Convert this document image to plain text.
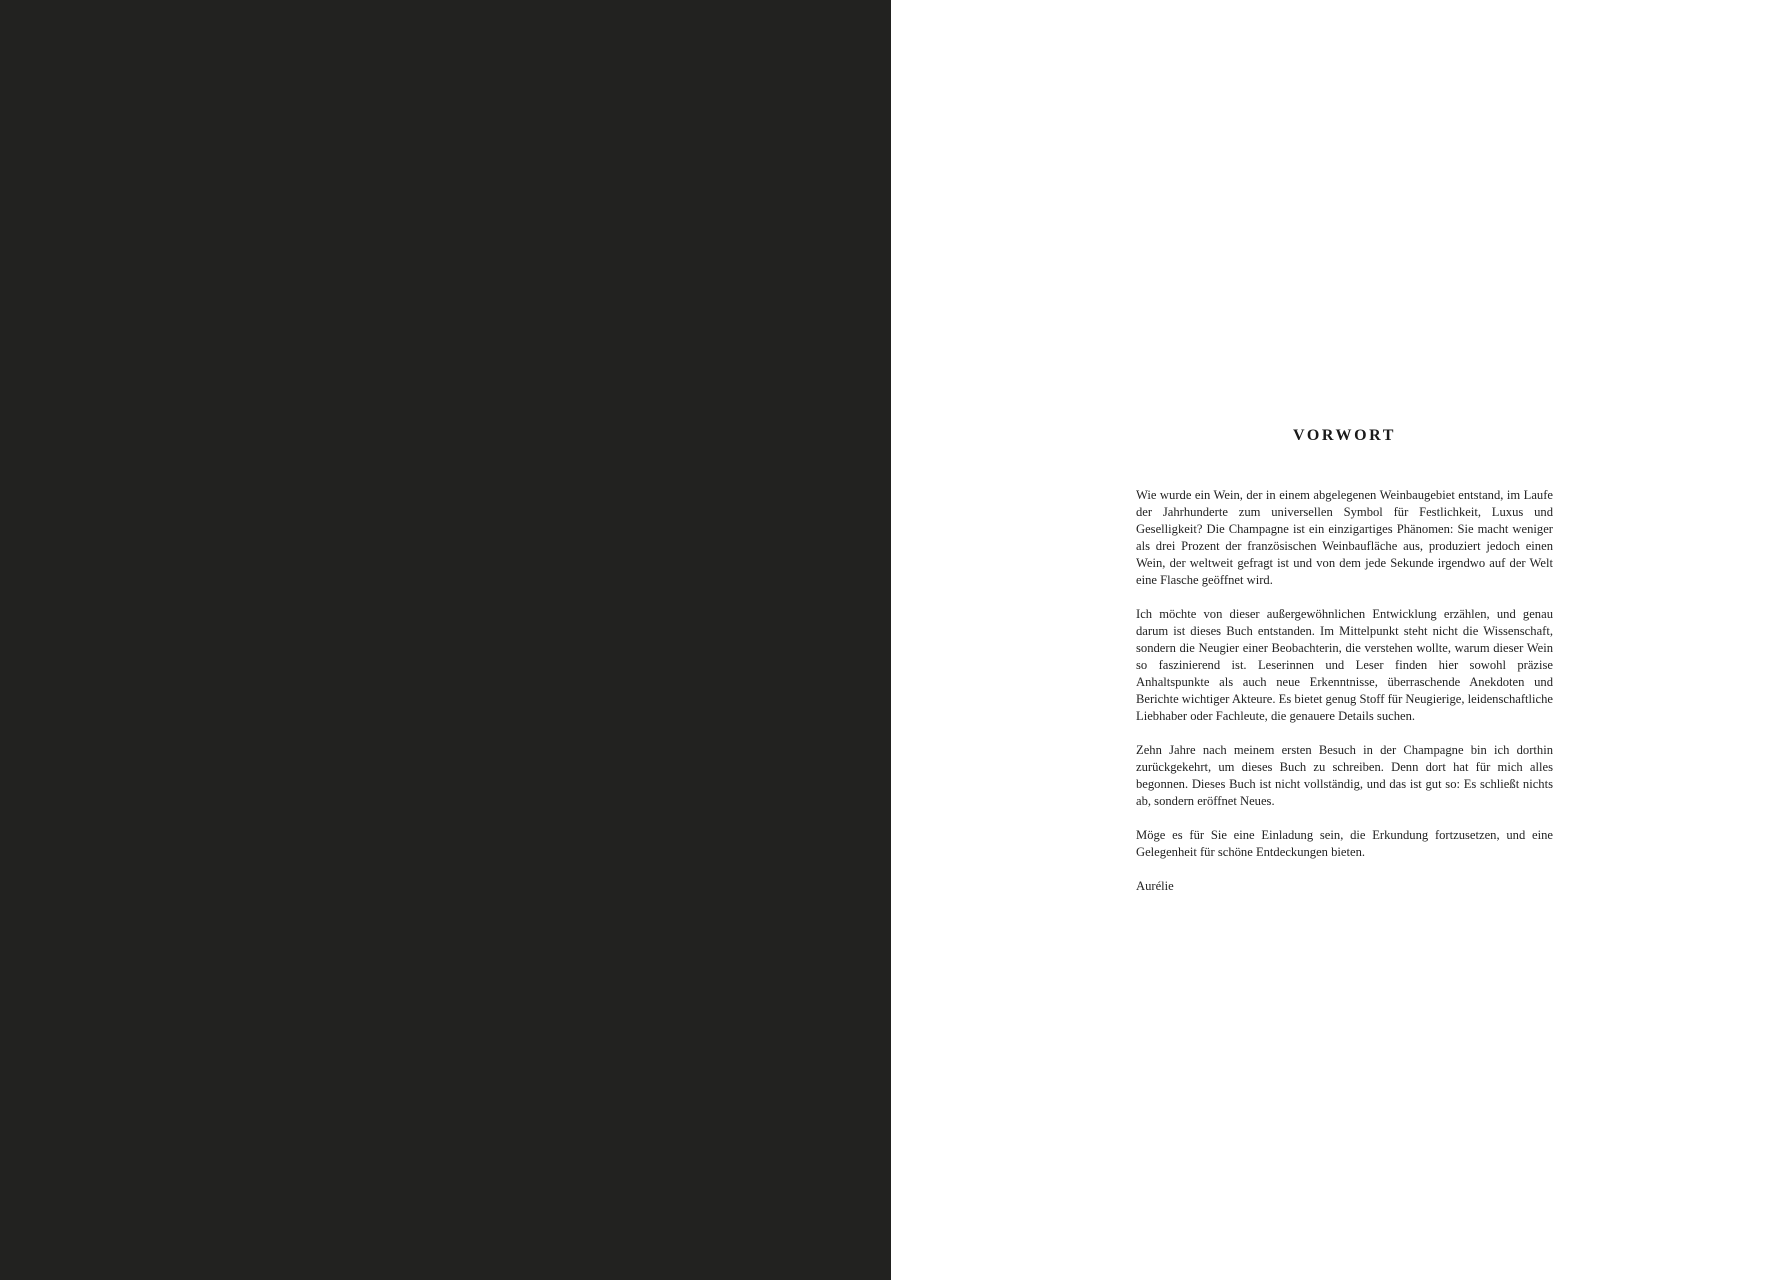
VORWORT

Wie wurde ein Wein, der in einem abgelegenen Weinbaugebiet entstand, im Laufe der Jahrhunderte zum universellen Symbol für Festlichkeit, Luxus und Geselligkeit? Die Champagne ist ein einzigartiges Phänomen: Sie macht weniger als drei Prozent der französischen Weinbaufläche aus, produziert jedoch einen Wein, der weltweit gefragt ist und von dem jede Sekunde irgendwo auf der Welt eine Flasche geöffnet wird.

Ich möchte von dieser außergewöhnlichen Entwicklung erzählen, und genau darum ist dieses Buch entstanden. Im Mittelpunkt steht nicht die Wissenschaft, sondern die Neugier einer Beobachterin, die verstehen wollte, warum dieser Wein so faszinierend ist. Leserinnen und Leser finden hier sowohl präzise Anhaltspunkte als auch neue Erkenntnisse, überraschende Anekdoten und Berichte wichtiger Akteure. Es bietet genug Stoff für Neugierige, leidenschaftliche Liebhaber oder Fachleute, die genauere Details suchen.

Zehn Jahre nach meinem ersten Besuch in der Champagne bin ich dorthin zurückgekehrt, um dieses Buch zu schreiben. Denn dort hat für mich alles begonnen. Dieses Buch ist nicht vollständig, und das ist gut so: Es schließt nichts ab, sondern eröffnet Neues.

Möge es für Sie eine Einladung sein, die Erkundung fortzusetzen, und eine Gelegenheit für schöne Entdeckungen bieten.

Aurélie
